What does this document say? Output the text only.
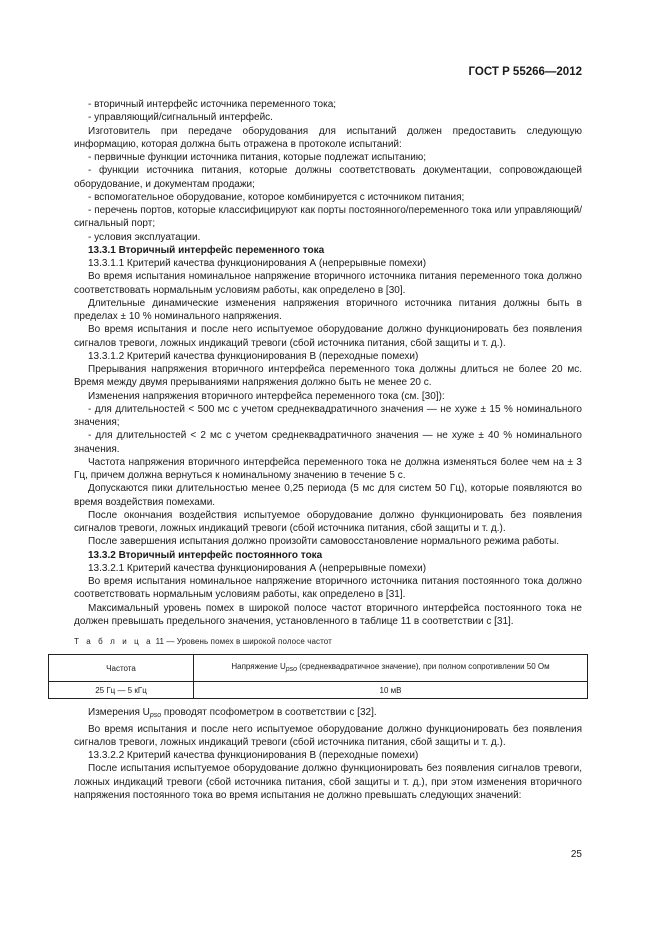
ГОСТ Р 55266—2012

- вторичный интерфейс источника переменного тока;

- управляющий/сигнальный интерфейс.

Изготовитель при передаче оборудования для испытаний должен предоставить следующую информацию, которая должна быть отражена в протоколе испытаний:

- первичные функции источника питания, которые подлежат испытанию;

- функции источника питания, которые должны соответствовать документации, сопровождающей оборудование, и документам продажи;

- вспомогательное оборудование, которое комбинируется с источником питания;

- перечень портов, которые классифицируют как порты постоянного/переменного тока или управляющий/сигнальный порт;

- условия эксплуатации.

13.3.1 Вторичный интерфейс переменного тока

13.3.1.1 Критерий качества функционирования А (непрерывные помехи)

Во время испытания номинальное напряжение вторичного источника питания переменного тока должно соответствовать нормальным условиям работы, как определено в [30].

Длительные динамические изменения напряжения вторичного источника питания должны быть в пределах ± 10 % номинального напряжения.

Во время испытания и после него испытуемое оборудование должно функционировать без появления сигналов тревоги, ложных индикаций тревоги (сбой источника питания, сбой защиты и т. д.).

13.3.1.2 Критерий качества функционирования В (переходные помехи)

Прерывания напряжения вторичного интерфейса переменного тока должны длиться не более 20 мс. Время между двумя прерываниями напряжения должно быть не менее 20 с.

Изменения напряжения вторичного интерфейса переменного тока (см. [30]):

- для длительностей < 500 мс с учетом среднеквадратичного значения — не хуже ± 15 % номинального значения;

- для длительностей < 2 мс с учетом среднеквадратичного значения — не хуже ± 40 % номинального значения.

Частота напряжения вторичного интерфейса переменного тока не должна изменяться более чем на ± 3 Гц, причем должна вернуться к номинальному значению в течение 5 с.

Допускаются пики длительностью менее 0,25 периода (5 мс для систем 50 Гц), которые появляются во время воздействия помехами.

После окончания воздействия испытуемое оборудование должно функционировать без появления сигналов тревоги, ложных индикаций тревоги (сбой источника питания, сбой защиты и т. д.).

После завершения испытания должно произойти самовосстановление нормального режима работы.

13.3.2 Вторичный интерфейс постоянного тока

13.3.2.1 Критерий качества функционирования А (непрерывные помехи)

Во время испытания номинальное напряжение вторичного источника питания постоянного тока должно соответствовать нормальным условиям работы, как определено в [31].

Максимальный уровень помех в широкой полосе частот вторичного интерфейса постоянного тока не должен превышать предельного значения, установленного в таблице 11 в соответствии с [31].

Т а б л и ц а 11 — Уровень помех в широкой полосе частот
Частота	Напряжение Upso (среднеквадратичное значение), при полном сопротивлении 50 Ом
25 Гц — 5 кГц	10 мВ

Измерения $U_{pso}$ проводят псофометром в соответствии с [32].

Во время испытания и после него испытуемое оборудование должно функционировать без появления сигналов тревоги, ложных индикаций тревоги (сбой источника питания, сбой защиты и т. д.).

13.3.2.2 Критерий качества функционирования В (переходные помехи)

После испытания испытуемое оборудование должно функционировать без появления сигналов тревоги, ложных индикаций тревоги (сбой источника питания, сбой защиты и т. д.), при этом изменения вторичного напряжения постоянного тока во время испытания не должно превышать следующих значений:

25
